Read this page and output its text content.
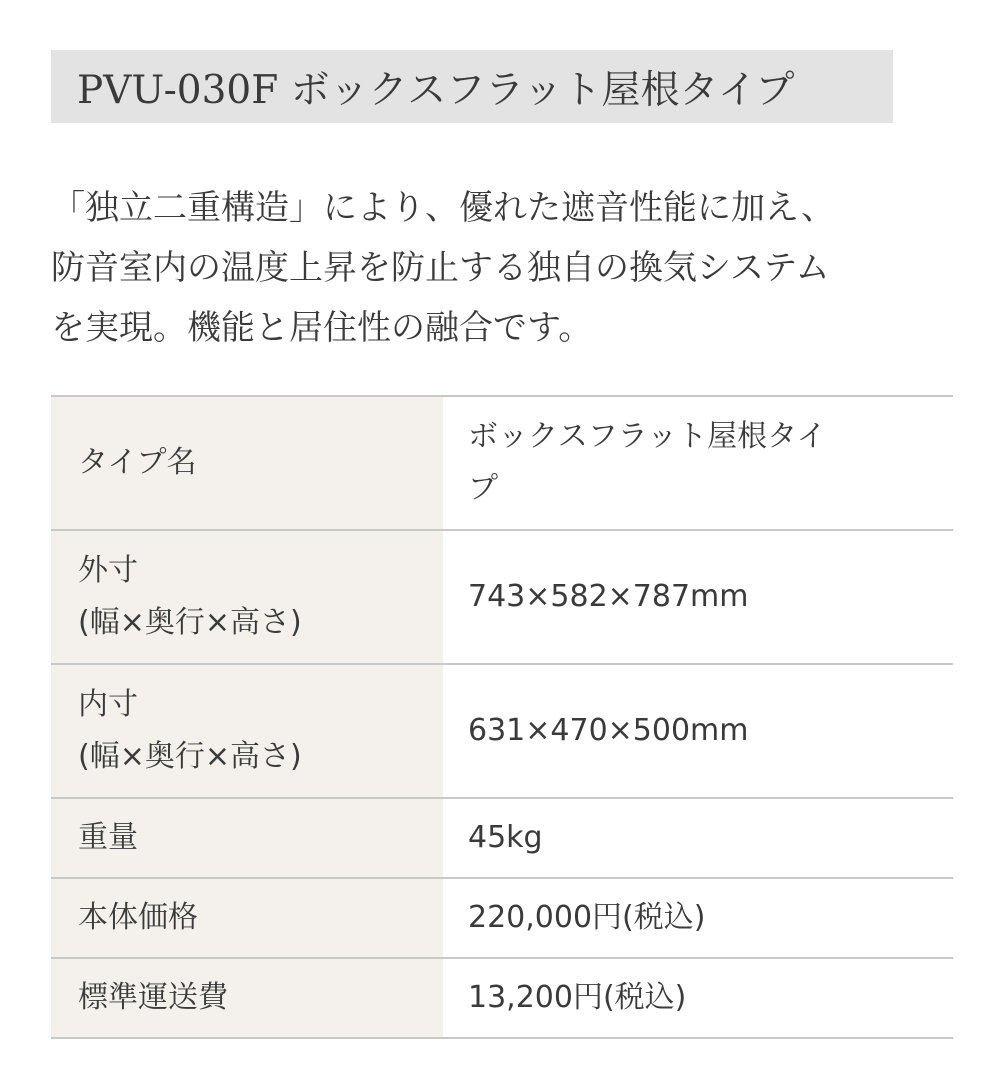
PVU-030F ボックスフラット屋根タイプ
「独立二重構造」により、優れた遮音性能に加え、
防音室内の温度上昇を防止する独自の換気システム
を実現。機能と居住性の融合です。
タイプ名	ボックスフラット屋根タイ
プ

外寸
(幅×奥行×高さ)	743×582×787mm

内寸
(幅×奥行×高さ)	631×470×500mm

重量	45kg

本体価格	220,000円(税込)

標準運送費	13,200円(税込)
